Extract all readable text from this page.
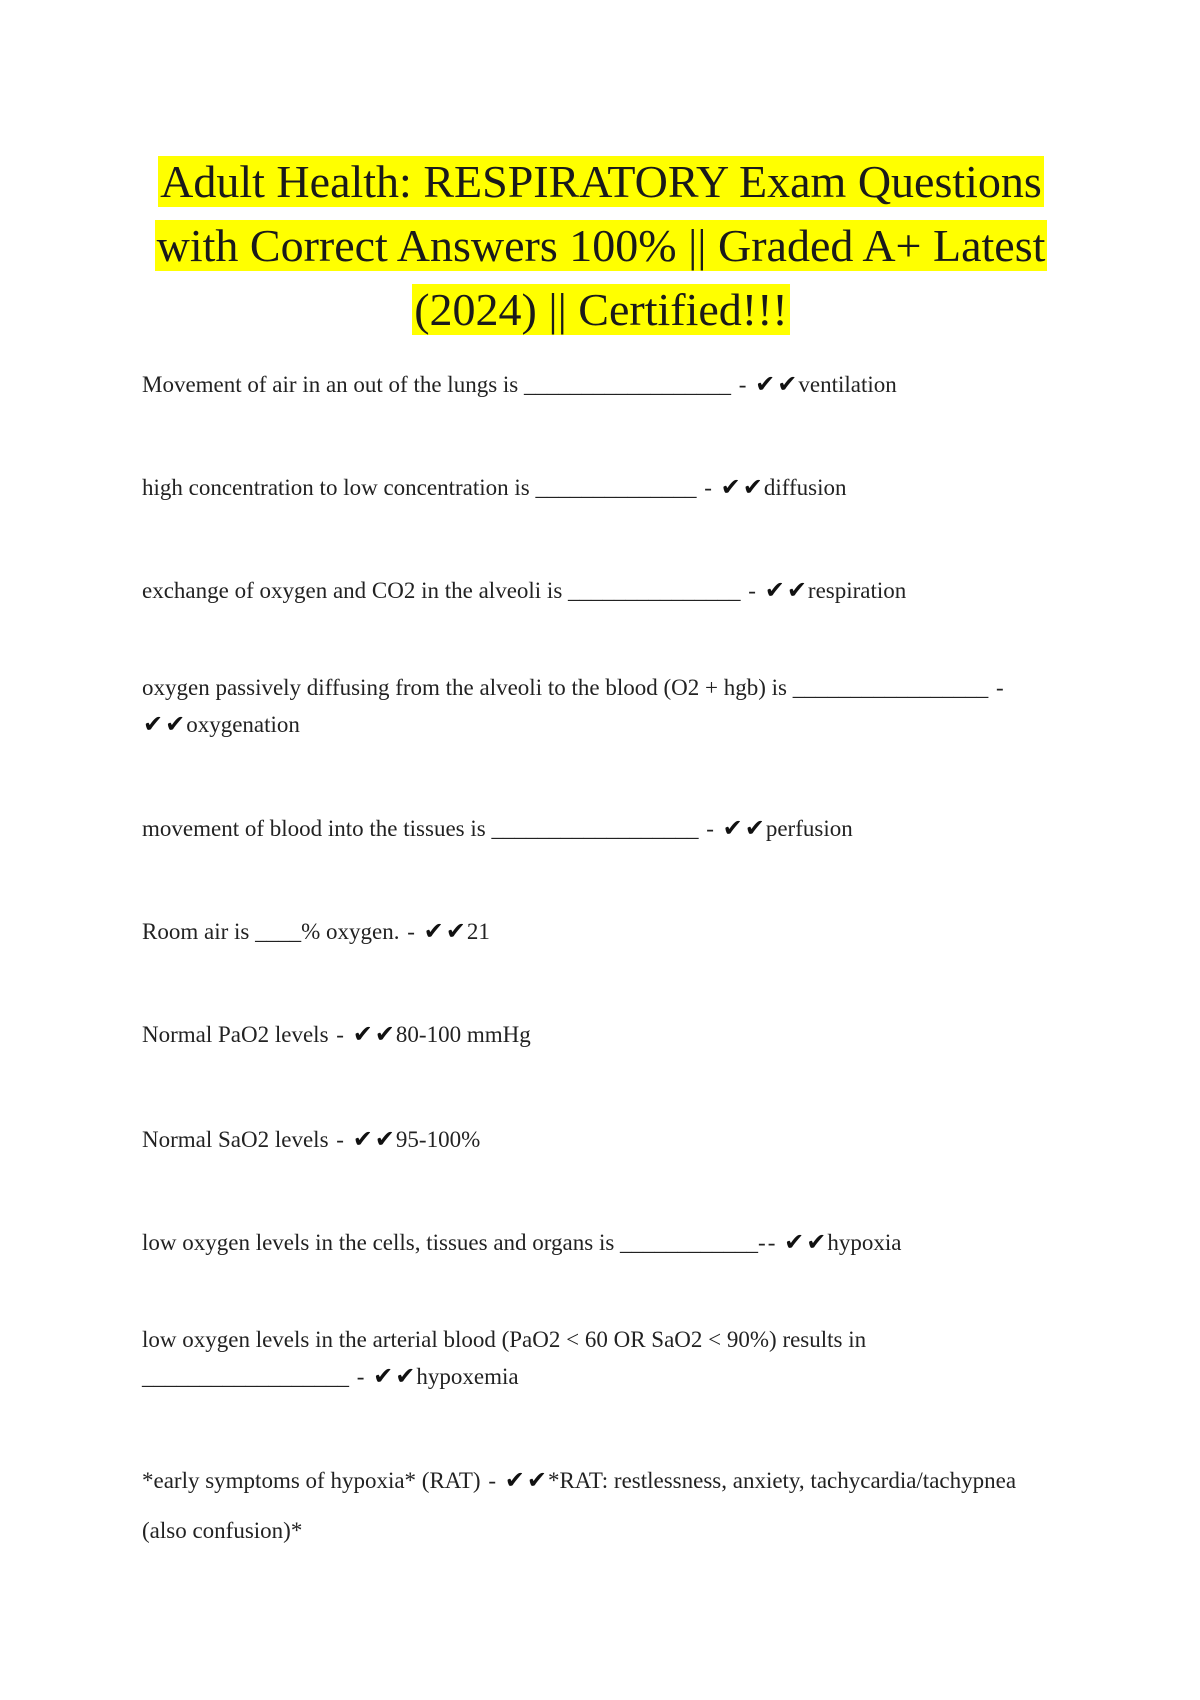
Adult Health: RESPIRATORY Exam Questions
with Correct Answers 100% || Graded A+ Latest
(2024) || Certified!!!
Movement of air in an out of the lungs is __________________ - ✔✔ventilation
high concentration to low concentration is ______________ - ✔✔diffusion
exchange of oxygen and CO2 in the alveoli is _______________ - ✔✔respiration
oxygen passively diffusing from the alveoli to the blood (O2 + hgb) is _________________ - ✔✔oxygenation
movement of blood into the tissues is __________________ - ✔✔perfusion
Room air is ____% oxygen. - ✔✔21
Normal PaO2 levels - ✔✔80-100 mmHg
Normal SaO2 levels - ✔✔95-100%
low oxygen levels in the cells, tissues and organs is ____________-- ✔✔hypoxia
low oxygen levels in the arterial blood (PaO2 < 60 OR SaO2 < 90%) results in __________________ - ✔✔hypoxemia
*early symptoms of hypoxia* (RAT) - ✔✔*RAT: restlessness, anxiety, tachycardia/tachypnea (also confusion)*
